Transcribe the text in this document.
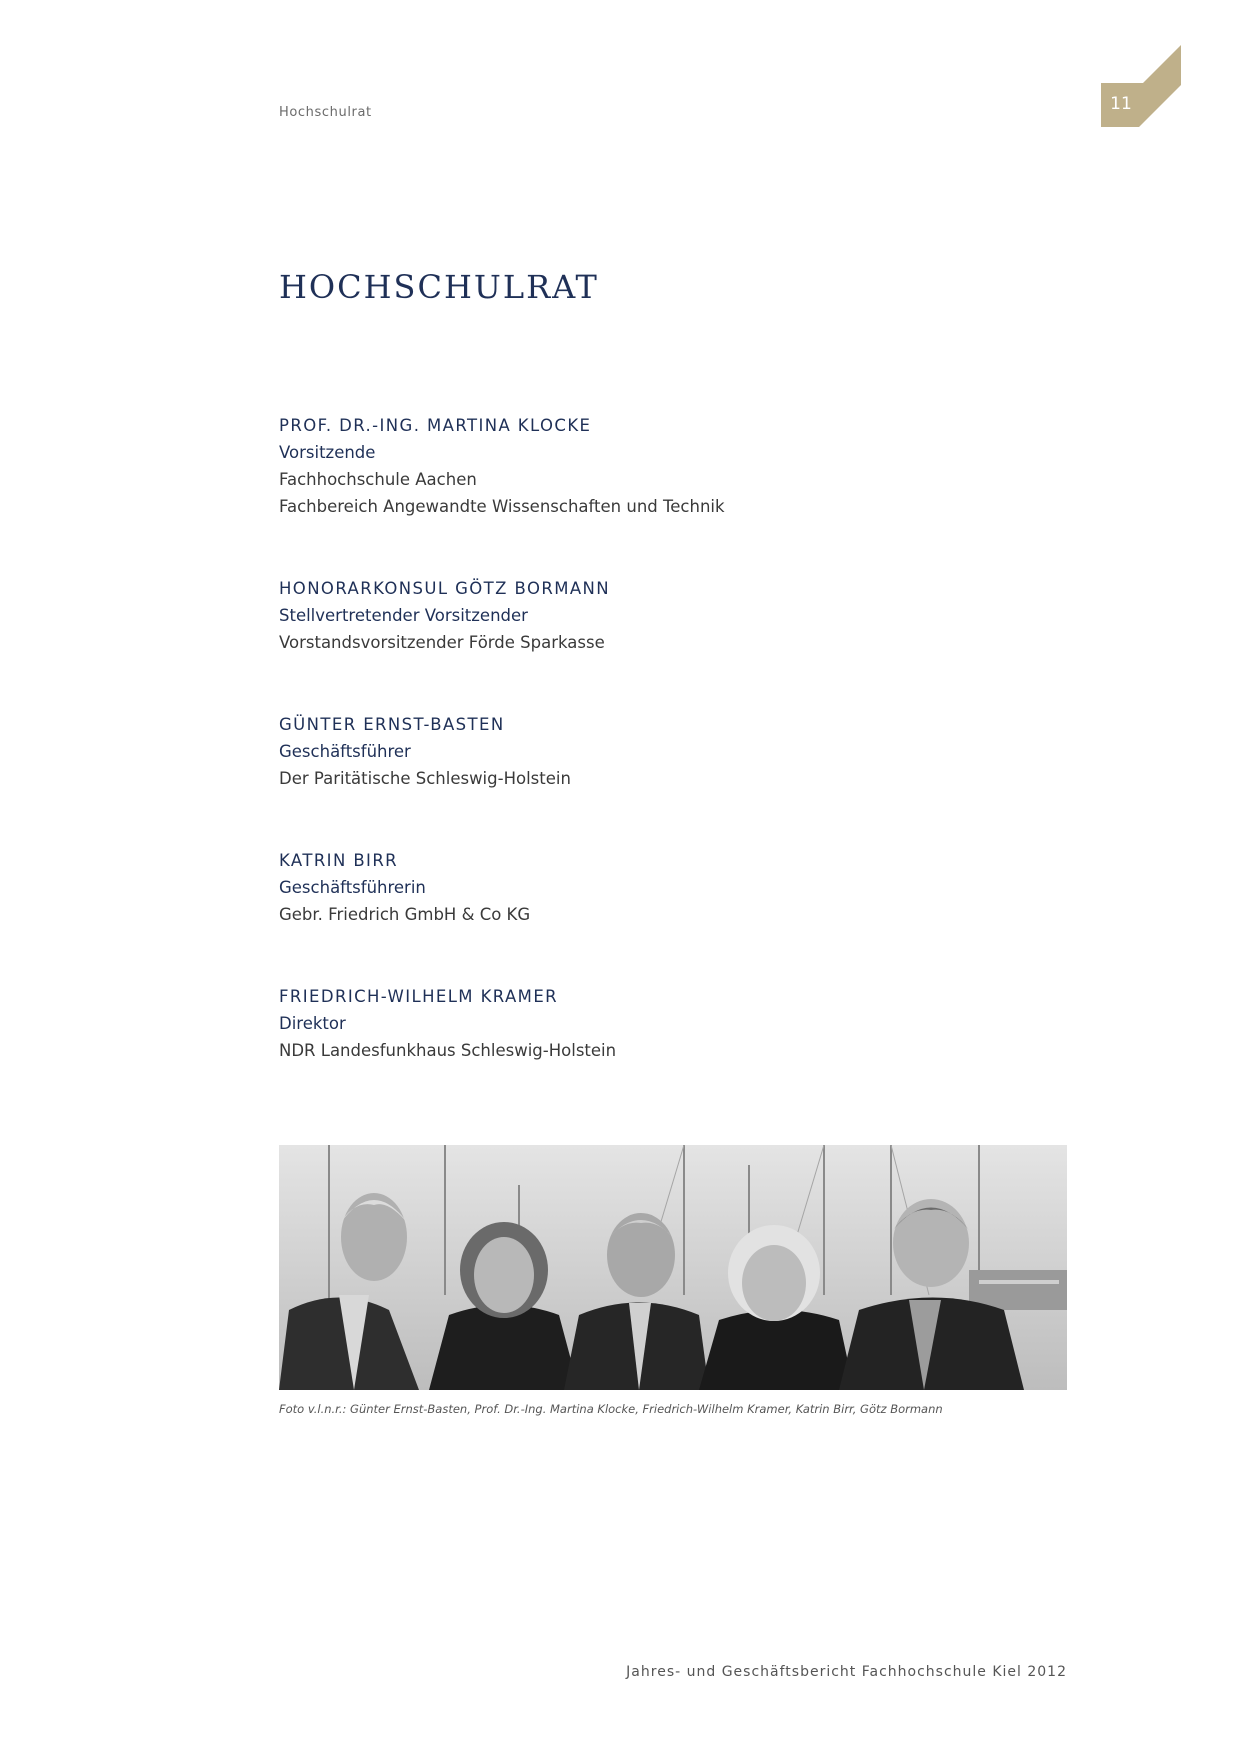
Hochschulrat	11
HOCHSCHULRAT
PROF. DR.-ING. MARTINA KLOCKE
Vorsitzende
Fachhochschule Aachen
Fachbereich Angewandte Wissenschaften und Technik
HONORARKONSUL GÖTZ BORMANN
Stellvertretender Vorsitzender
Vorstandsvorsitzender Förde Sparkasse
GÜNTER ERNST-BASTEN
Geschäftsführer
Der Paritätische Schleswig-Holstein
KATRIN BIRR
Geschäftsführerin
Gebr. Friedrich GmbH & Co KG
FRIEDRICH-WILHELM KRAMER
Direktor
NDR Landesfunkhaus Schleswig-Holstein
Foto v.l.n.r.: Günter Ernst-Basten, Prof. Dr.-Ing. Martina Klocke, Friedrich-Wilhelm Kramer, Katrin Birr, Götz Bormann
Jahres- und Geschäftsbericht Fachhochschule Kiel 2012
